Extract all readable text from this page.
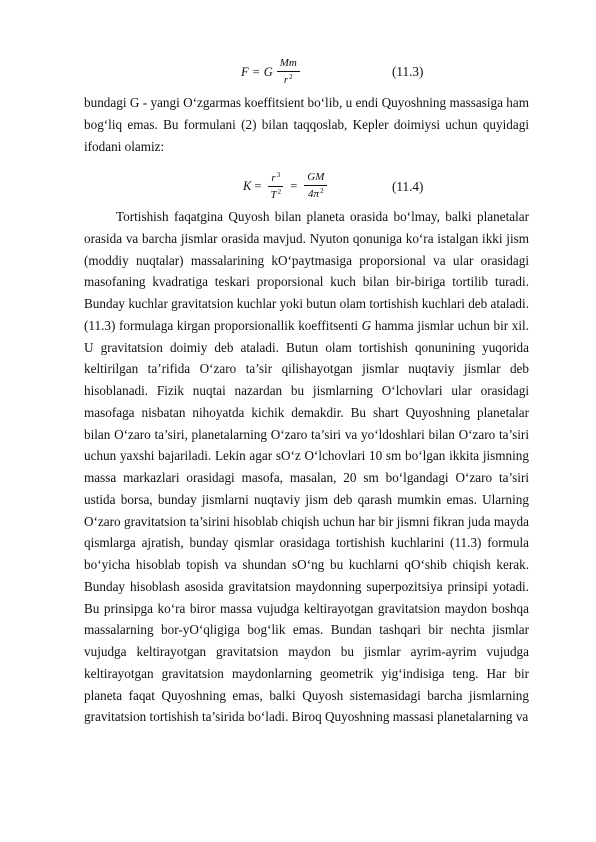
F = G $\frac{Mm}{r^2}$	(11.3)

bundagi G - yangi O‘zgarmas koeffitsient bo‘lib, u endi Quyoshning massasiga ham bog‘liq emas. Bu formulani (2) bilan taqqoslab, Kepler doimiysi uchun quyidagi ifodani olamiz:

$K = \frac{r^3}{T^2} = \frac{GM}{4\pi^2}$	(11.4)

Tortishish faqatgina Quyosh bilan planeta orasida bo‘lmay, balki planetalar orasida va barcha jismlar orasida mavjud. Nyuton qonuniga ko‘ra istalgan ikki jism (moddiy nuqtalar) massalarining kO‘paytmasiga proporsional va ular orasidagi masofaning kvadratiga teskari proporsional kuch bilan bir-biriga tortilib turadi. Bunday kuchlar gravitatsion kuchlar yoki butun olam tortishish kuchlari deb ataladi. (11.3) formulaga kirgan proporsionallik koeffitsenti G hamma jismlar uchun bir xil. U gravitatsion doimiy deb ataladi. Butun olam tortishish qonunining yuqorida keltirilgan ta’rifida O‘zaro ta’sir qilishayotgan jismlar nuqtaviy jismlar deb hisoblanadi. Fizik nuqtai nazardan bu jismlarning O‘lchovlari ular orasidagi masofaga nisbatan nihoyatda kichik demakdir. Bu shart Quyoshning planetalar bilan O‘zaro ta’siri, planetalarning O‘zaro ta’siri va yo‘ldoshlari bilan O‘zaro ta’siri uchun yaxshi bajariladi. Lekin agar sO‘z O‘lchovlari 10 sm bo‘lgan ikkita jismning massa markazlari orasidagi masofa, masalan, 20 sm bo‘lgandagi O‘zaro ta’siri ustida borsa, bunday jismlarni nuqtaviy jism deb qarash mumkin emas. Ularning O‘zaro gravitatsion ta’sirini hisoblab chiqish uchun har bir jismni fikran juda mayda qismlarga ajratish, bunday qismlar orasidaga tortishish kuchlarini (11.3) formula bo‘yicha hisoblab topish va shundan sO‘ng bu kuchlarni qO‘shib chiqish kerak. Bunday hisoblash asosida gravitatsion maydonning superpozitsiya prinsipi yotadi. Bu prinsipga ko‘ra biror massa vujudga keltirayotgan gravitatsion maydon boshqa massalarning bor-yO‘qligiga bog‘lik emas. Bundan tashqari bir nechta jismlar vujudga keltirayotgan gravitatsion maydon bu jismlar ayrim-ayrim vujudga keltirayotgan gravitatsion maydonlarning geometrik yig‘indisiga teng. Har bir planeta faqat Quyoshning emas, balki Quyosh sistemasidagi barcha jismlarning gravitatsion tortishish ta’sirida bo‘ladi. Biroq Quyoshning massasi planetalarning va
